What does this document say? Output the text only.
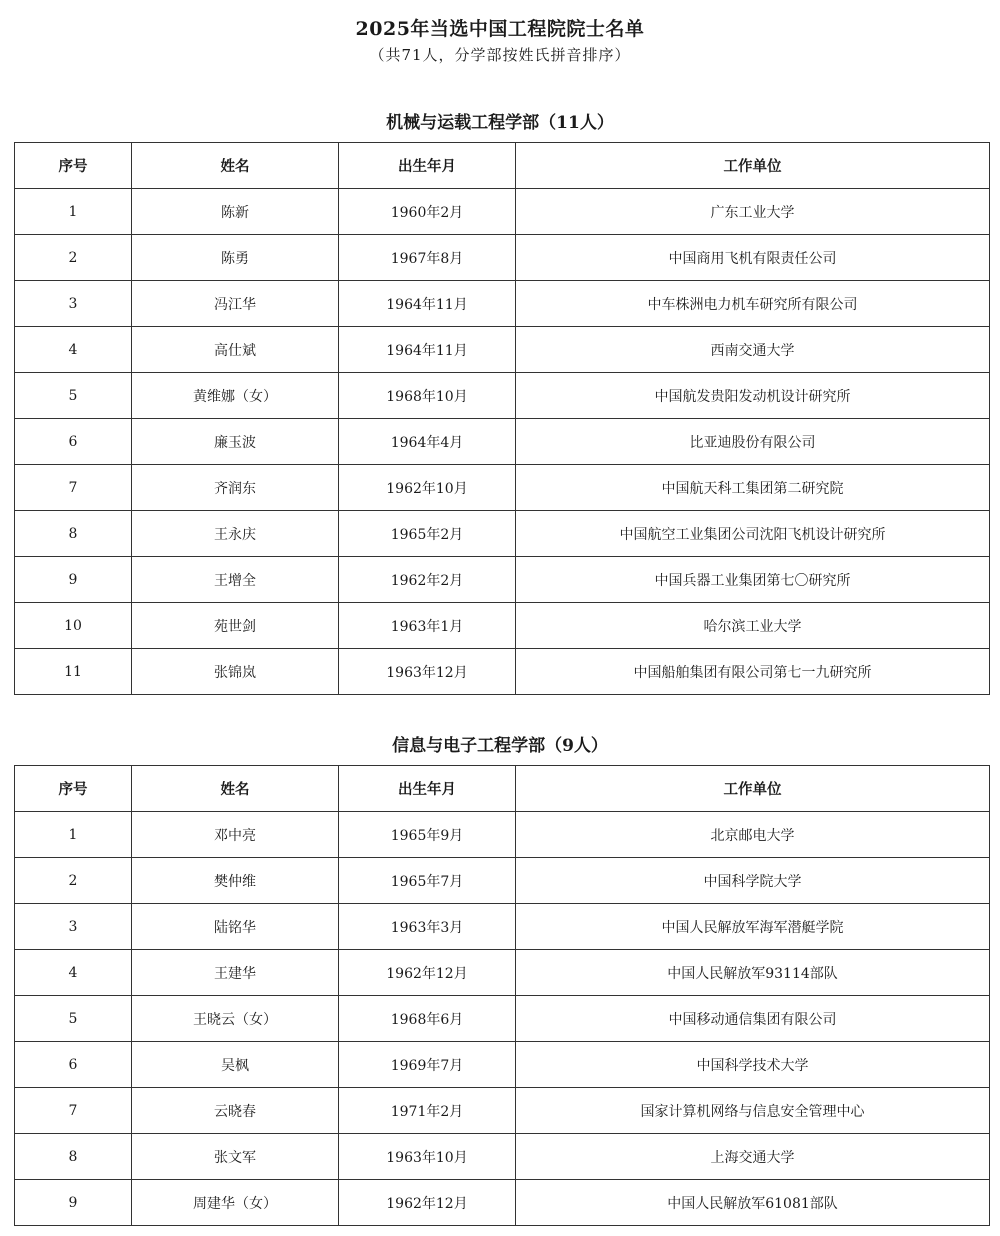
2025年当选中国工程院院士名单
（共71人，分学部按姓氏拼音排序）
机械与运载工程学部（11人）
序号	姓名	出生年月	工作单位
1	陈新	1960年2月	广东工业大学
2	陈勇	1967年8月	中国商用飞机有限责任公司
3	冯江华	1964年11月	中车株洲电力机车研究所有限公司
4	高仕斌	1964年11月	西南交通大学
5	黄维娜（女）	1968年10月	中国航发贵阳发动机设计研究所
6	廉玉波	1964年4月	比亚迪股份有限公司
7	齐润东	1962年10月	中国航天科工集团第二研究院
8	王永庆	1965年2月	中国航空工业集团公司沈阳飞机设计研究所
9	王增全	1962年2月	中国兵器工业集团第七〇研究所
10	苑世剑	1963年1月	哈尔滨工业大学
11	张锦岚	1963年12月	中国船舶集团有限公司第七一九研究所
信息与电子工程学部（9人）
序号	姓名	出生年月	工作单位
1	邓中亮	1965年9月	北京邮电大学
2	樊仲维	1965年7月	中国科学院大学
3	陆铭华	1963年3月	中国人民解放军海军潜艇学院
4	王建华	1962年12月	中国人民解放军93114部队
5	王晓云（女）	1968年6月	中国移动通信集团有限公司
6	吴枫	1969年7月	中国科学技术大学
7	云晓春	1971年2月	国家计算机网络与信息安全管理中心
8	张文军	1963年10月	上海交通大学
9	周建华（女）	1962年12月	中国人民解放军61081部队
